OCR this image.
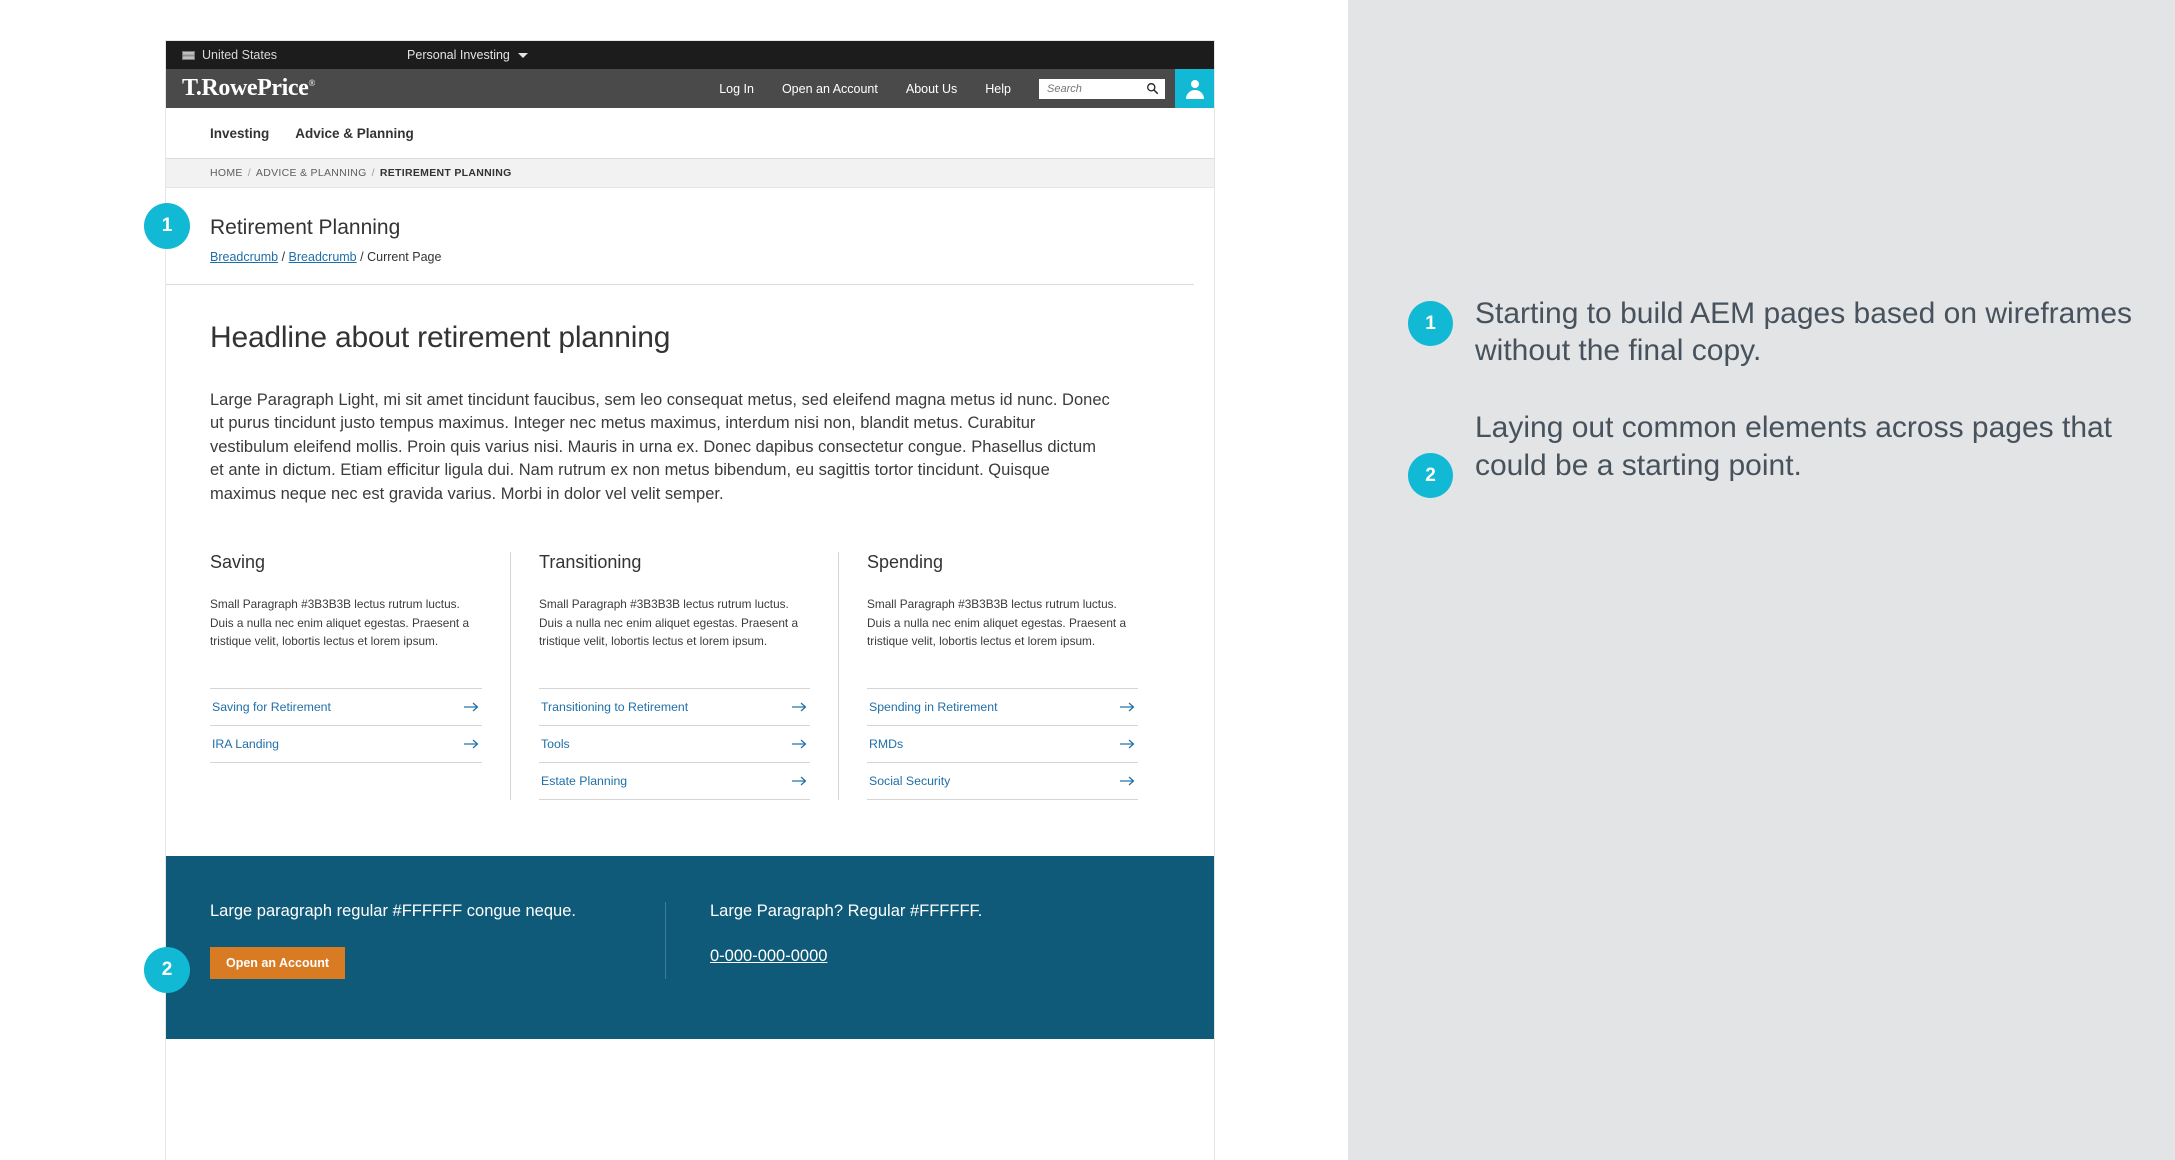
1
2
United States	Personal Investing
T.RowePrice®	Log In Open an Account About Us Help
Search
Investing Advice & Planning
HOME / ADVICE & PLANNING / RETIREMENT PLANNING
Retirement Planning
Breadcrumb / Breadcrumb / Current Page
Headline about retirement planning

Large Paragraph Light, mi sit amet tincidunt faucibus, sem leo consequat metus, sed eleifend magna metus id nunc. Donec ut purus tincidunt justo tempus maximus. Integer nec metus maximus, interdum nisi non, blandit metus. Curabitur vestibulum eleifend mollis. Proin quis varius nisi. Mauris in urna ex. Donec dapibus consectetur congue. Phasellus dictum et ante in dictum. Etiam efficitur ligula dui. Nam rutrum ex non metus bibendum, eu sagittis tortor tincidunt. Quisque maximus neque nec est gravida varius. Morbi in dolor vel velit semper.

Saving

Small Paragraph #3B3B3B lectus rutrum luctus. Duis a nulla nec enim aliquet egestas. Praesent a tristique velit, lobortis lectus et lorem ipsum.

Saving for Retirement
IRA Landing
Transitioning

Small Paragraph #3B3B3B lectus rutrum luctus. Duis a nulla nec enim aliquet egestas. Praesent a tristique velit, lobortis lectus et lorem ipsum.

Transitioning to Retirement
Tools
Estate Planning
Spending

Small Paragraph #3B3B3B lectus rutrum luctus. Duis a nulla nec enim aliquet egestas. Praesent a tristique velit, lobortis lectus et lorem ipsum.

Spending in Retirement
RMDs
Social Security

Large paragraph regular #FFFFFF congue neque.

Open an Account

Large Paragraph? Regular #FFFFFF.

0-000-000-0000
1	Starting to build AEM pages based on wireframes without the final copy.
2
Laying out common elements across pages that could be a starting point.
